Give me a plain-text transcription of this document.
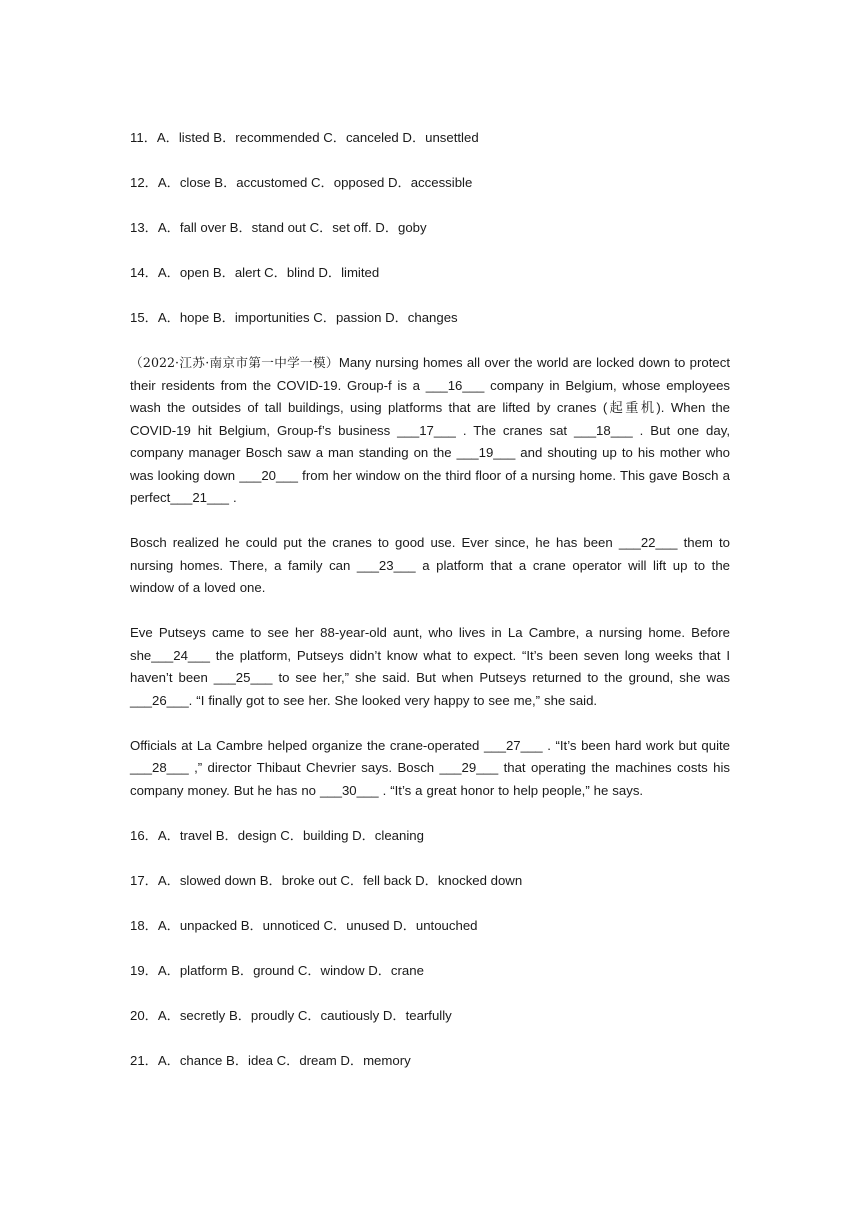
11．A．listed B．recommended C．canceled D．unsettled
12．A．close B．accustomed C．opposed D．accessible
13．A．fall over B．stand out C．set off. D．goby
14．A．open B．alert C．blind D．limited
15．A．hope B．importunities C．passion D．changes
（2022·江苏·南京市第一中学一模）Many nursing homes all over the world are locked down to protect their residents from the COVID-19. Group-f is a ___16___ company in Belgium, whose employees wash the outsides of tall buildings, using platforms that are lifted by cranes (起重机). When the COVID-19 hit Belgium, Group-f’s business ___17___ . The cranes sat ___18___ . But one day, company manager Bosch saw a man standing on the ___19___ and shouting up to his mother who was looking down ___20___ from her window on the third floor of a nursing home. This gave Bosch a perfect___21___ .
Bosch realized he could put the cranes to good use. Ever since, he has been ___22___ them to nursing homes. There, a family can ___23___ a platform that a crane operator will lift up to the window of a loved one.
Eve Putseys came to see her 88-year-old aunt, who lives in La Cambre, a nursing home. Before she___24___ the platform, Putseys didn’t know what to expect. “It’s been seven long weeks that I haven’t been ___25___ to see her,” she said. But when Putseys returned to the ground, she was ___26___. “I finally got to see her. She looked very happy to see me,” she said.
Officials at La Cambre helped organize the crane-operated ___27___ . “It’s been hard work but quite ___28___ ,” director Thibaut Chevrier says. Bosch ___29___ that operating the machines costs his company money. But he has no ___30___ . “It’s a great honor to help people,” he says.
16．A．travel B．design C．building D．cleaning
17．A．slowed down B．broke out C．fell back D．knocked down
18．A．unpacked B．unnoticed C．unused D．untouched
19．A．platform B．ground C．window D．crane
20．A．secretly B．proudly C．cautiously D．tearfully
21．A．chance B．idea C．dream D．memory
